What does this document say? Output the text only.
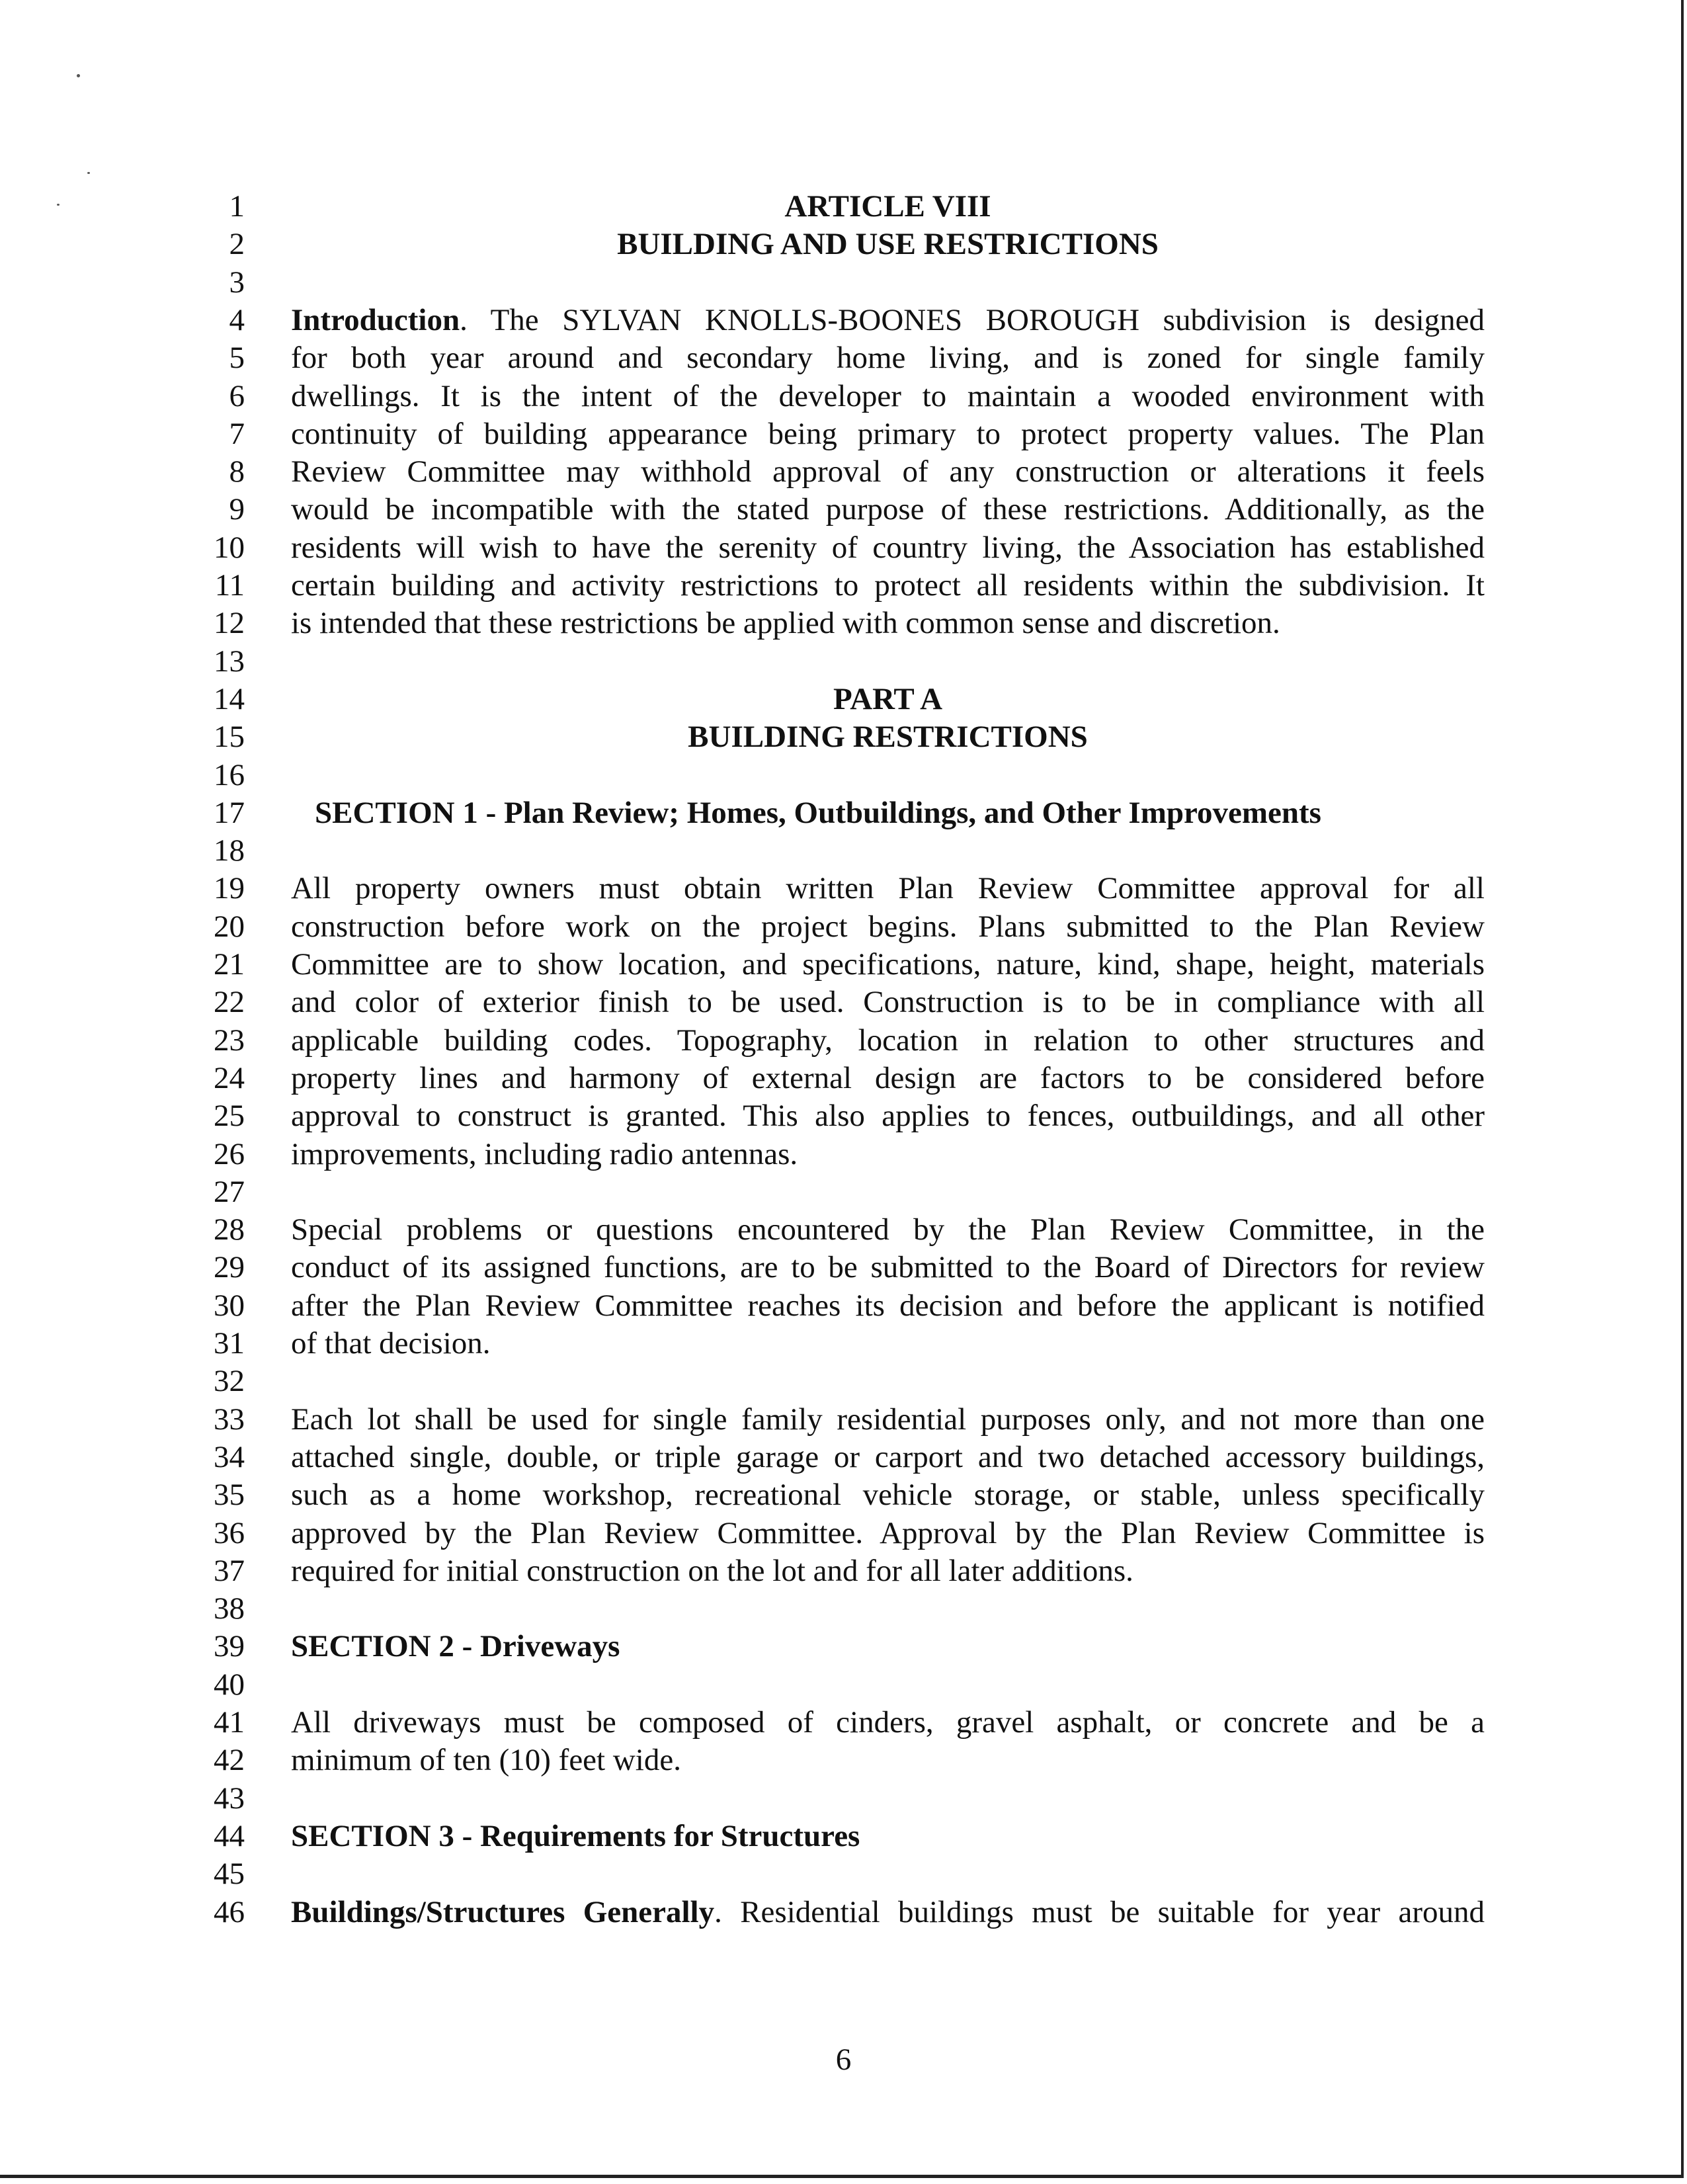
1	ARTICLE VIII
2	BUILDING AND USE RESTRICTIONS
3
4 Introduction. The SYLVAN KNOLLS-BOONES BOROUGH subdivision is designed
5 for both year around and secondary home living, and is zoned for single family
6 dwellings. It is the intent of the developer to maintain a wooded environment with
7 continuity of building appearance being primary to protect property values. The Plan
8 Review Committee may withhold approval of any construction or alterations it feels
9 would be incompatible with the stated purpose of these restrictions. Additionally, as the
10 residents will wish to have the serenity of country living, the Association has established
11 certain building and activity restrictions to protect all residents within the subdivision. It
12 is intended that these restrictions be applied with common sense and discretion.
13
14	PART A
15	BUILDING RESTRICTIONS
16
17	SECTION 1 - Plan Review; Homes, Outbuildings, and Other Improvements
18
19 All property owners must obtain written Plan Review Committee approval for all
20 construction before work on the project begins. Plans submitted to the Plan Review
21 Committee are to show location, and specifications, nature, kind, shape, height, materials
22 and color of exterior finish to be used. Construction is to be in compliance with all
23 applicable building codes. Topography, location in relation to other structures and
24 property lines and harmony of external design are factors to be considered before
25 approval to construct is granted. This also applies to fences, outbuildings, and all other
26 improvements, including radio antennas.
27
28 Special problems or questions encountered by the Plan Review Committee, in the
29 conduct of its assigned functions, are to be submitted to the Board of Directors for review
30 after the Plan Review Committee reaches its decision and before the applicant is notified
31 of that decision.
32
33 Each lot shall be used for single family residential purposes only, and not more than one
34 attached single, double, or triple garage or carport and two detached accessory buildings,
35 such as a home workshop, recreational vehicle storage, or stable, unless specifically
36 approved by the Plan Review Committee. Approval by the Plan Review Committee is
37 required for initial construction on the lot and for all later additions.
38
39 SECTION 2 - Driveways
40
41 All driveways must be composed of cinders, gravel asphalt, or concrete and be a
42 minimum of ten (10) feet wide.
43
44 SECTION 3 - Requirements for Structures
45
46 Buildings/Structures Generally. Residential buildings must be suitable for year around
6
